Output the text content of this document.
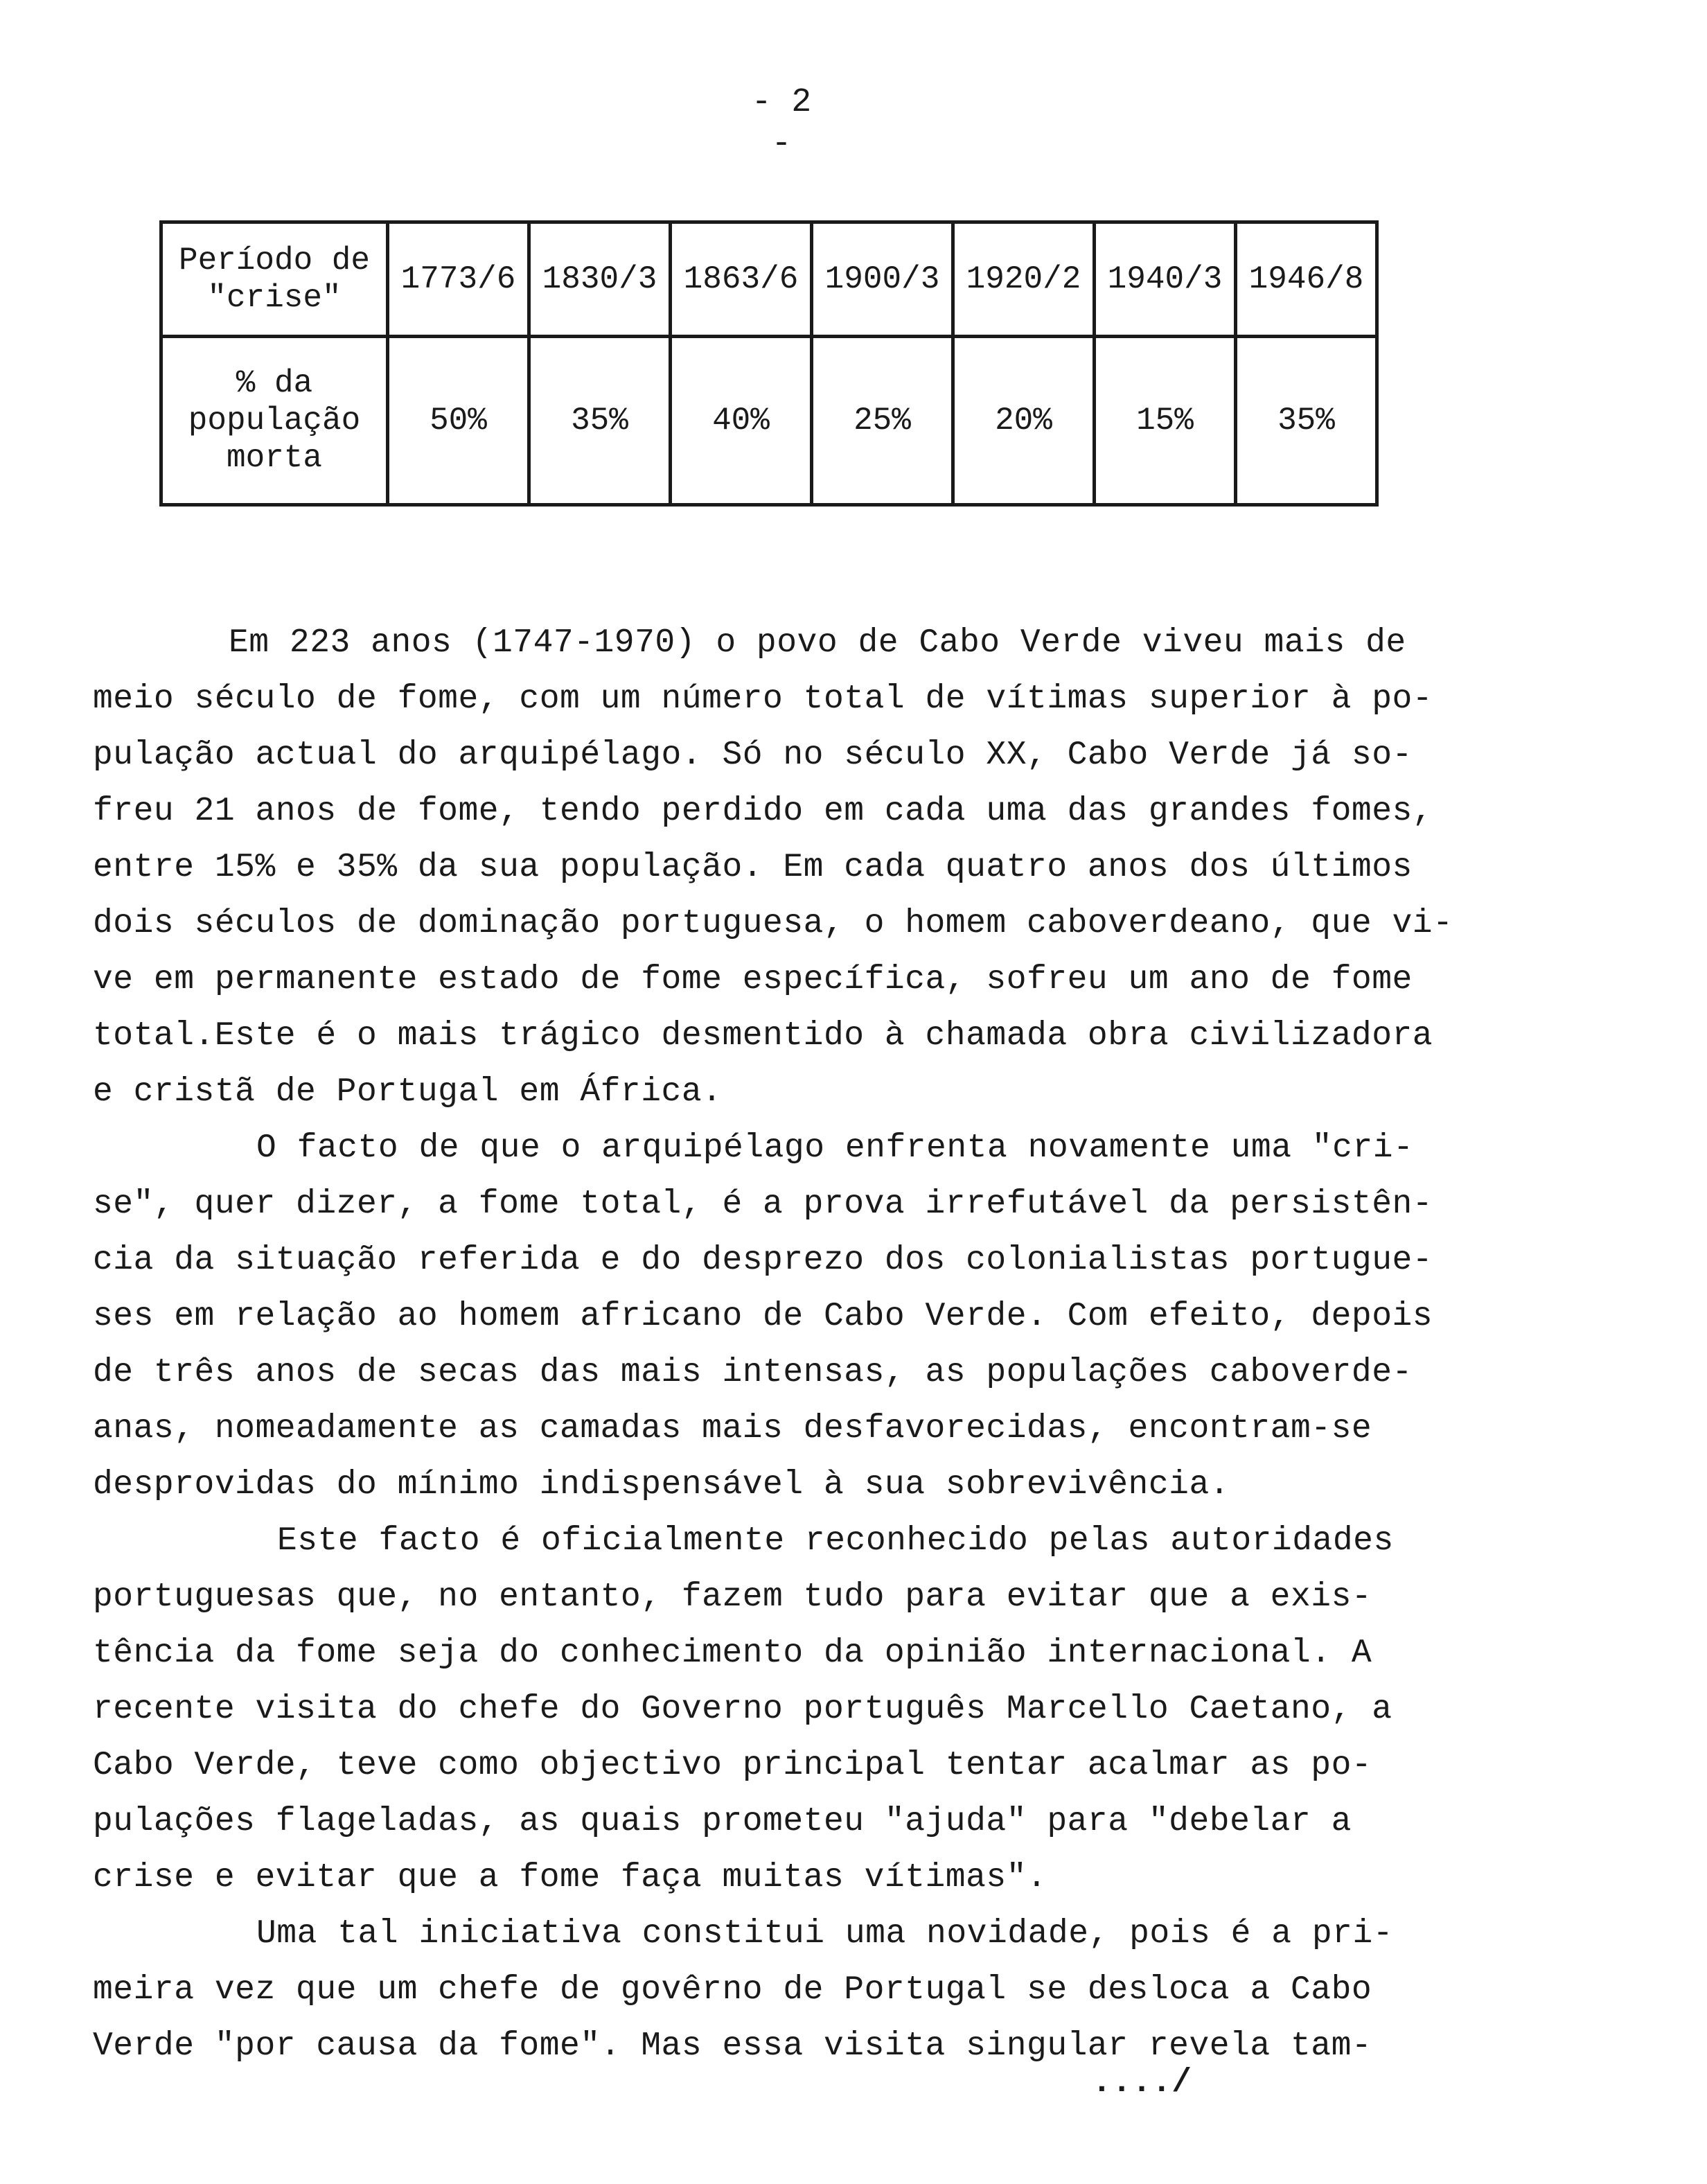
- 2 -
Período de "crise"	1773/6	1830/3	1863/6	1900/3	1920/2	1940/3	1946/8
% da população morta	50%	35%	40%	25%	20%	15%	35%
Em 223 anos (1747-1970) o povo de Cabo Verde viveu mais de
meio século de fome, com um número total de vítimas superior à po-
pulação actual do arquipélago. Só no século XX, Cabo Verde já so-
freu 21 anos de fome, tendo perdido em cada uma das grandes fomes,
entre 15% e 35% da sua população. Em cada quatro anos dos últimos
dois séculos de dominação portuguesa, o homem caboverdeano, que vi-
ve em permanente estado de fome específica, sofreu um ano de fome
total.Este é o mais trágico desmentido à chamada obra civilizadora
e cristã de Portugal em África.
O facto de que o arquipélago enfrenta novamente uma "cri-
se", quer dizer, a fome total, é a prova irrefutável da persistên-
cia da situação referida e do desprezo dos colonialistas portugue-
ses em relação ao homem africano de Cabo Verde. Com efeito, depois
de três anos de secas das mais intensas, as populações caboverde-
anas, nomeadamente as camadas mais desfavorecidas, encontram-se
desprovidas do mínimo indispensável à sua sobrevivência.
Este facto é oficialmente reconhecido pelas autoridades
portuguesas que, no entanto, fazem tudo para evitar que a exis-
tência da fome seja do conhecimento da opinião internacional. A
recente visita do chefe do Governo português Marcello Caetano, a
Cabo Verde, teve como objectivo principal tentar acalmar as po-
pulações flageladas, as quais prometeu "ajuda" para "debelar a
crise e evitar que a fome faça muitas vítimas".
Uma tal iniciativa constitui uma novidade, pois é a pri-
meira vez que um chefe de govêrno de Portugal se desloca a Cabo
Verde "por causa da fome". Mas essa visita singular revela tam-
..../
